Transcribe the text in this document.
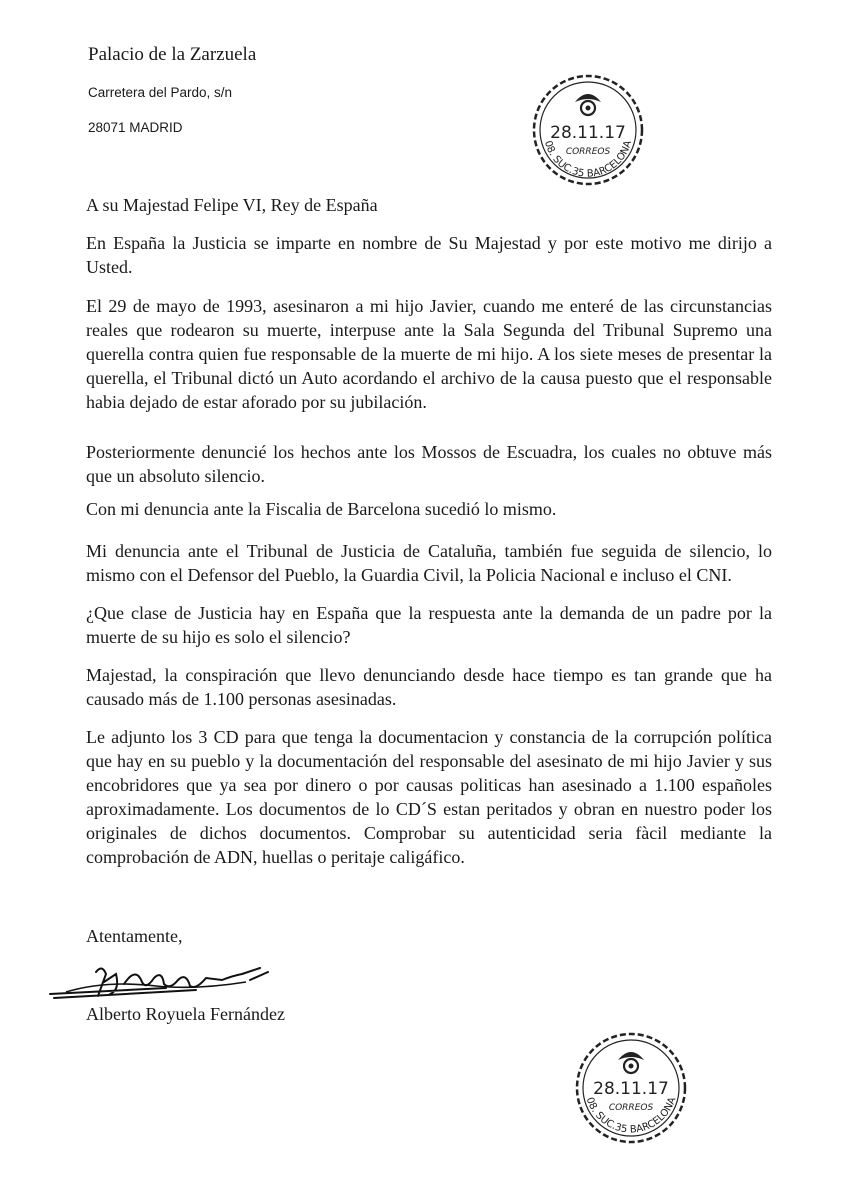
Palacio de la Zarzuela
Carretera del Pardo, s/n
28071 MADRID	28.11.17
CORREOS
08. SUC.35 BARCELONA
A su Majestad Felipe VI, Rey de España
En España la Justicia se imparte en nombre de Su Majestad y por este motivo me dirijo a Usted.
El 29 de mayo de 1993, asesinaron a mi hijo Javier, cuando me enteré de las circunstancias reales que rodearon su muerte, interpuse ante la Sala Segunda del Tribunal Supremo una querella contra quien fue responsable de la muerte de mi hijo. A los siete meses de presentar la querella, el Tribunal dictó un Auto acordando el archivo de la causa puesto que el responsable habia dejado de estar aforado por su jubilación.
Posteriormente denuncié los hechos ante los Mossos de Escuadra, los cuales no obtuve más que un absoluto silencio.
Con mi denuncia ante la Fiscalia de Barcelona sucedió lo mismo.
Mi denuncia ante el Tribunal de Justicia de Cataluña, también fue seguida de silencio, lo mismo con el Defensor del Pueblo, la Guardia Civil, la Policia Nacional e incluso el CNI.
¿Que clase de Justicia hay en España que la respuesta ante la demanda de un padre por la muerte de su hijo es solo el silencio?
Majestad, la conspiración que llevo denunciando desde hace tiempo es tan grande que ha causado más de 1.100 personas asesinadas.
Le adjunto los 3 CD para que tenga la documentacion y constancia de la corrupción política que hay en su pueblo y la documentación del responsable del asesinato de mi hijo Javier y sus encobridores que ya sea por dinero o por causas politicas han asesinado a 1.100 españoles aproximadamente. Los documentos de lo CD´S estan peritados y obran en nuestro poder los originales de dichos documentos. Comprobar su autenticidad seria fàcil mediante la comprobación de ADN, huellas o peritaje caligáfico.
Atentamente,
Alberto Royuela Fernández
28.11.17
CORREOS
08. SUC.35 BARCELONA
